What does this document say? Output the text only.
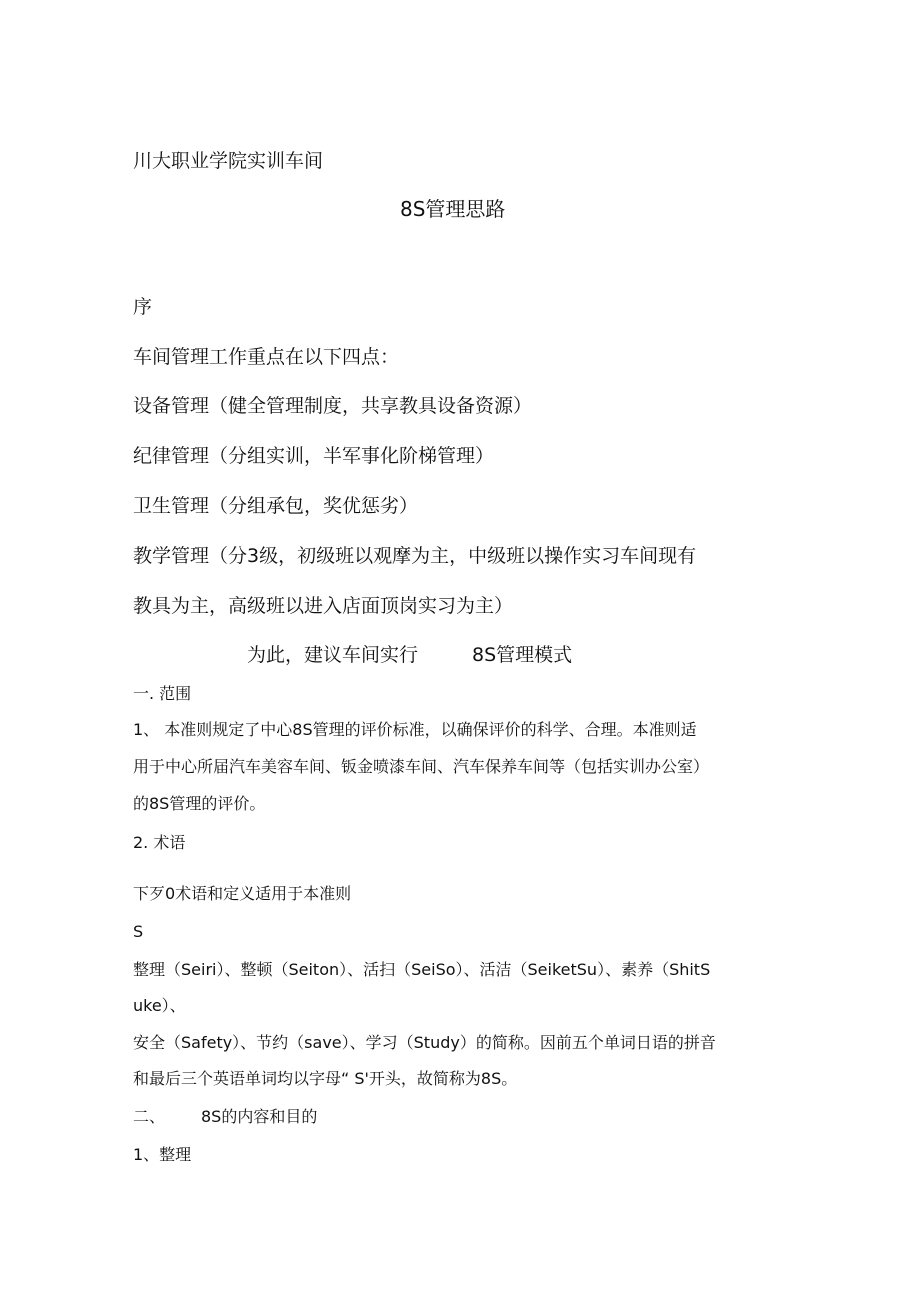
川大职业学院实训车间
8S管理思路
序
车间管理工作重点在以下四点：
设备管理（健全管理制度，共享教具设备资源）
纪律管理（分组实训，半军事化阶梯管理）
卫生管理（分组承包，奖优惩劣）
教学管理（分3级，初级班以观摩为主，中级班以操作实习车间现有
教具为主，高级班以进入店面顶岗实习为主）
为此，建议车间实行	8S管理模式
一. 范围
1、 本准则规定了中心8S管理的评价标准，以确保评价的科学、合理。本准则适
用于中心所届汽车美容车间、钣金喷漆车间、汽车保养车间等（包括实训办公室）
的8S管理的评价。
2. 术语
下歹0术语和定义适用于本准则
S
整理（Seiri）、整顿（Seiton）、活扫（SeiSo）、活洁（SeiketSu）、素养（ShitS
uke）、
安全（Safety）、节约（save）、学习（Study）的简称。因前五个单词日语的拼音
和最后三个英语单词均以字母“ S'开头，故简称为8S。
二、 8S的内容和目的
1、整理
